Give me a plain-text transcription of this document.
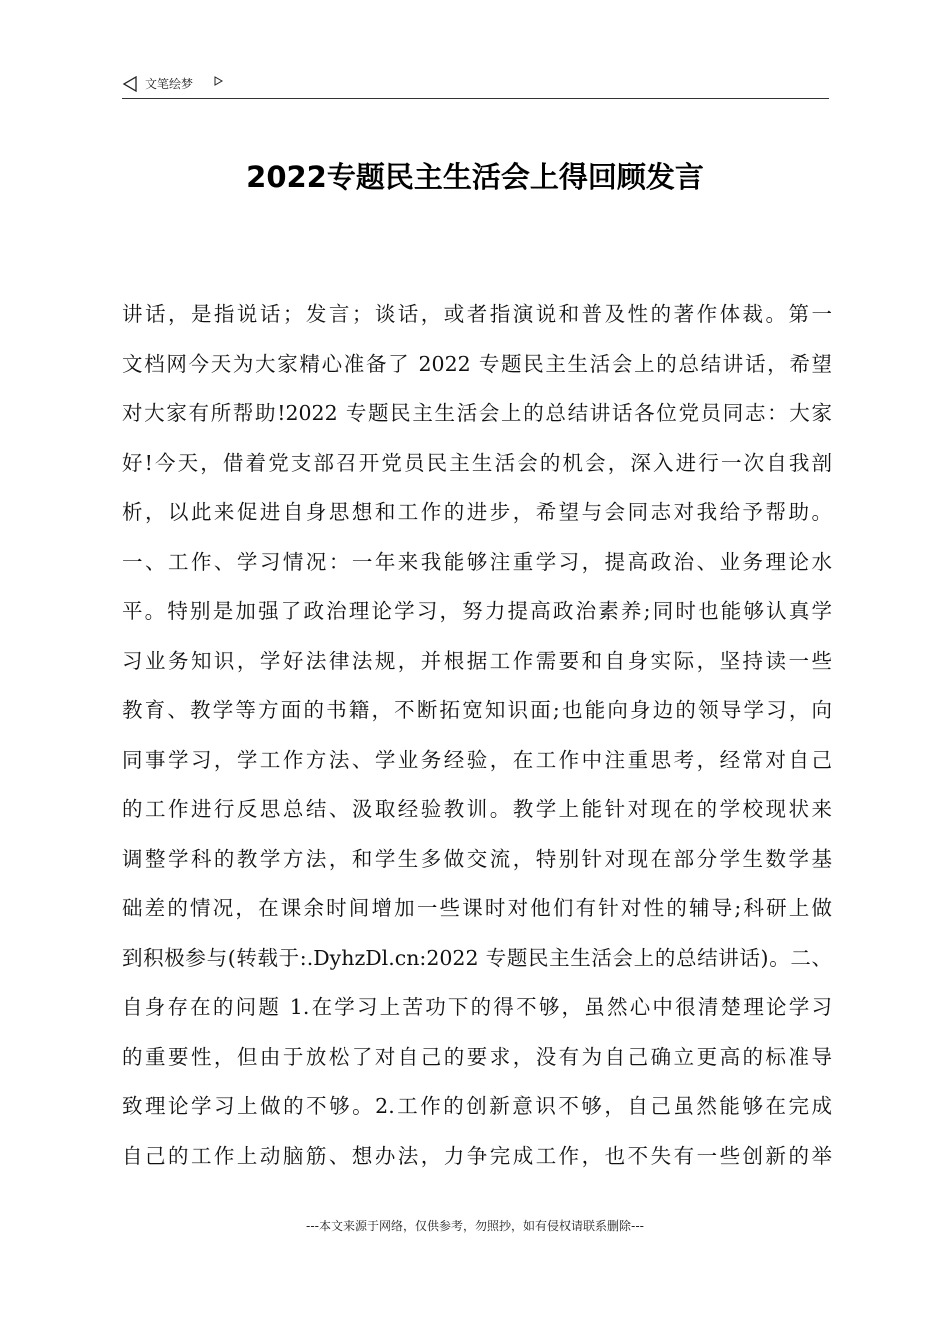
文笔绘梦
2022专题民主生活会上得回顾发言
讲话，是指说话；发言；谈话，或者指演说和普及性的著作体裁。第一
文档网今天为大家精心准备了 2022 专题民主生活会上的总结讲话，希望
对大家有所帮助!2022 专题民主生活会上的总结讲话各位党员同志：大家
好!今天，借着党支部召开党员民主生活会的机会，深入进行一次自我剖
析，以此来促进自身思想和工作的进步，希望与会同志对我给予帮助。
一、工作、学习情况：一年来我能够注重学习，提高政治、业务理论水
平。特别是加强了政治理论学习，努力提高政治素养;同时也能够认真学
习业务知识，学好法律法规，并根据工作需要和自身实际，坚持读一些
教育、教学等方面的书籍，不断拓宽知识面;也能向身边的领导学习，向
同事学习，学工作方法、学业务经验，在工作中注重思考，经常对自己
的工作进行反思总结、汲取经验教训。教学上能针对现在的学校现状来
调整学科的教学方法，和学生多做交流，特别针对现在部分学生数学基
础差的情况，在课余时间增加一些课时对他们有针对性的辅导;科研上做
到积极参与(转载于:.DyhzDl.cn:2022 专题民主生活会上的总结讲话)。二、
自身存在的问题 1.在学习上苦功下的得不够，虽然心中很清楚理论学习
的重要性，但由于放松了对自己的要求，没有为自己确立更高的标准导
致理论学习上做的不够。2.工作的创新意识不够，自己虽然能够在完成
自己的工作上动脑筋、想办法，力争完成工作，也不失有一些创新的举
---本文来源于网络，仅供参考，勿照抄，如有侵权请联系删除---
